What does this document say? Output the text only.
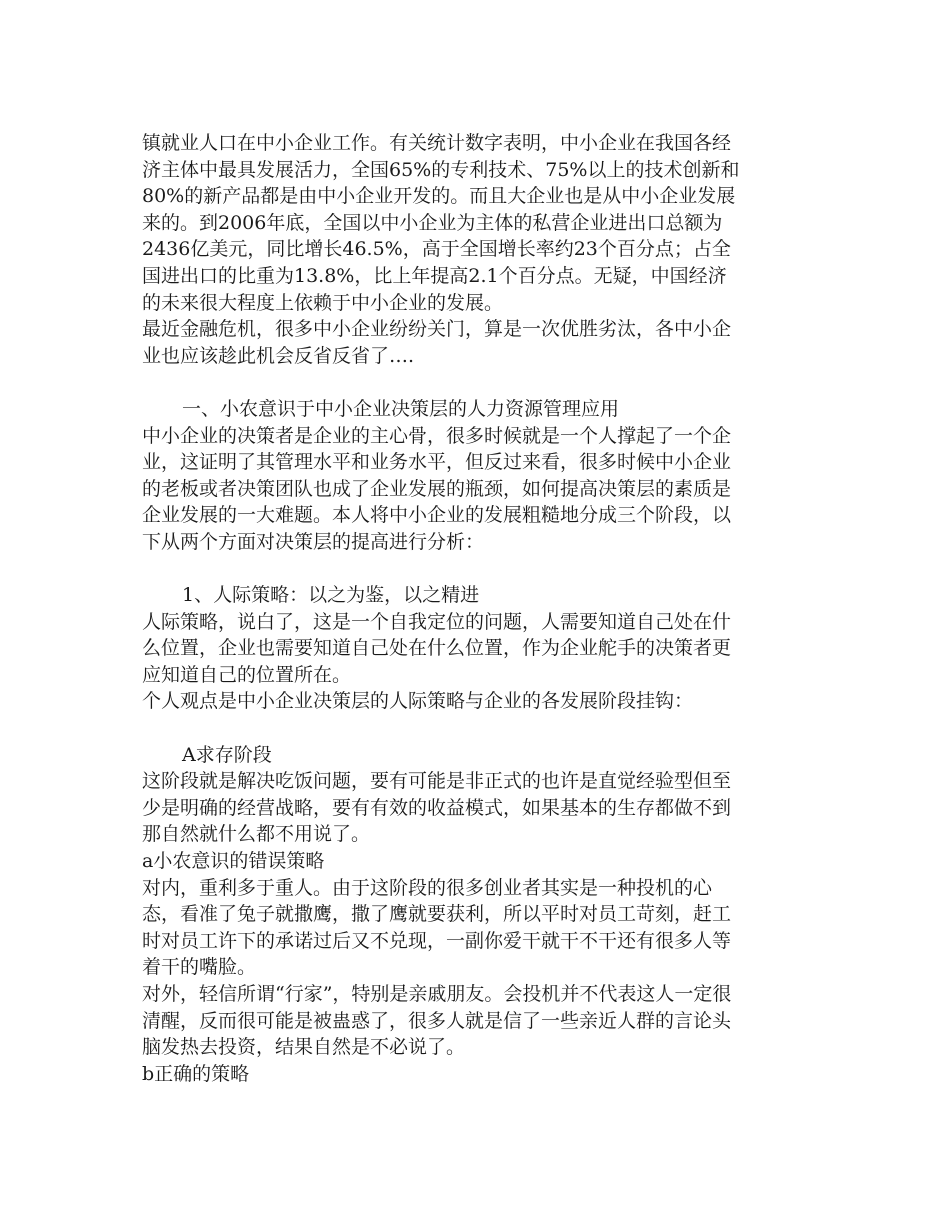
镇就业人口在中小企业工作。有关统计数字表明，中小企业在我国各经济主体中最具发展活力，全国65%的专利技术、75%以上的技术创新和80%的新产品都是由中小企业开发的。而且大企业也是从中小企业发展来的。到2006年底，全国以中小企业为主体的私营企业进出口总额为2436亿美元，同比增长46.5%，高于全国增长率约23个百分点；占全国进出口的比重为13.8%，比上年提高2.1个百分点。无疑，中国经济的未来很大程度上依赖于中小企业的发展。

最近金融危机，很多中小企业纷纷关门，算是一次优胜劣汰，各中小企业也应该趁此机会反省反省了….

一、小农意识于中小企业决策层的人力资源管理应用

中小企业的决策者是企业的主心骨，很多时候就是一个人撑起了一个企业，这证明了其管理水平和业务水平，但反过来看，很多时候中小企业的老板或者决策团队也成了企业发展的瓶颈，如何提高决策层的素质是企业发展的一大难题。本人将中小企业的发展粗糙地分成三个阶段，以下从两个方面对决策层的提高进行分析：

1、人际策略：以之为鉴，以之精进

人际策略，说白了，这是一个自我定位的问题，人需要知道自己处在什么位置，企业也需要知道自己处在什么位置，作为企业舵手的决策者更应知道自己的位置所在。

个人观点是中小企业决策层的人际策略与企业的各发展阶段挂钩：

A求存阶段

这阶段就是解决吃饭问题，要有可能是非正式的也许是直觉经验型但至少是明确的经营战略，要有有效的收益模式，如果基本的生存都做不到那自然就什么都不用说了。

a小农意识的错误策略

对内，重利多于重人。由于这阶段的很多创业者其实是一种投机的心态，看准了兔子就撒鹰，撒了鹰就要获利，所以平时对员工苛刻，赶工时对员工许下的承诺过后又不兑现，一副你爱干就干不干还有很多人等着干的嘴脸。

对外，轻信所谓“行家”，特别是亲戚朋友。会投机并不代表这人一定很清醒，反而很可能是被蛊惑了，很多人就是信了一些亲近人群的言论头脑发热去投资，结果自然是不必说了。

b正确的策略
